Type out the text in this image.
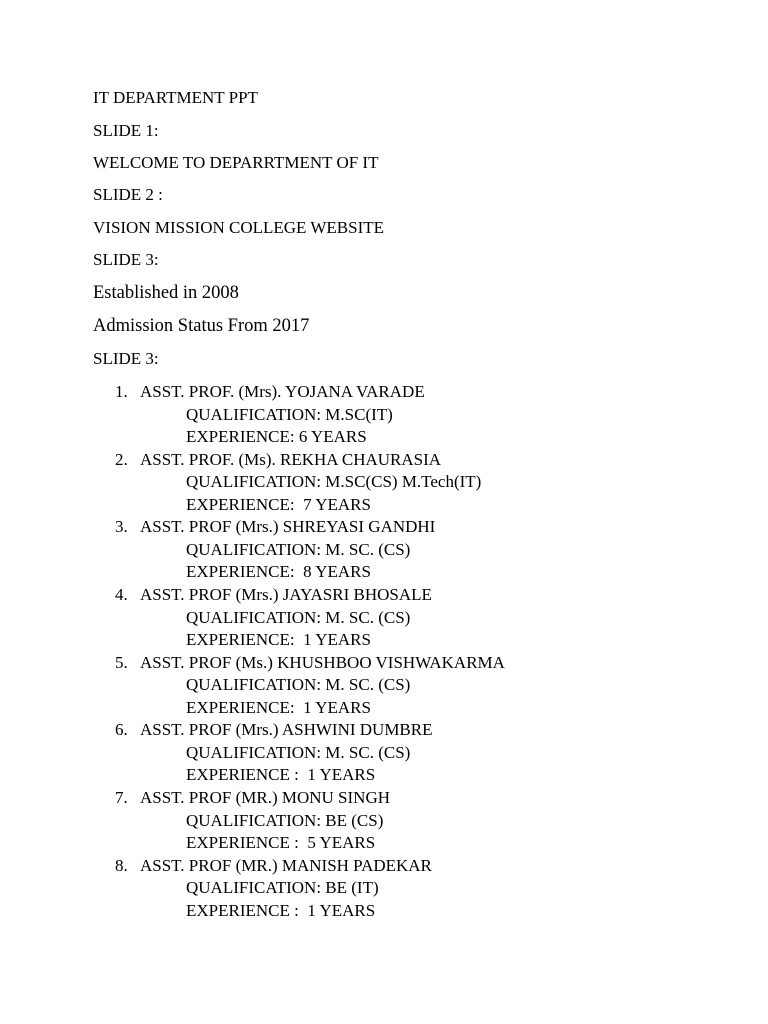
IT DEPARTMENT PPT

SLIDE 1:

WELCOME TO DEPARRTMENT OF IT

SLIDE 2 :

VISION MISSION COLLEGE WEBSITE

SLIDE 3:

Established in 2008

Admission Status From 2017

SLIDE 3:

1. ASST. PROF. (Mrs). YOJANA VARADE
QUALIFICATION: M.SC(IT)
EXPERIENCE: 6 YEARS
2. ASST. PROF. (Ms). REKHA CHAURASIA
QUALIFICATION: M.SC(CS) M.Tech(IT)
EXPERIENCE:  7 YEARS
3. ASST. PROF (Mrs.) SHREYASI GANDHI
QUALIFICATION: M. SC. (CS)
EXPERIENCE:  8 YEARS
4. ASST. PROF (Mrs.) JAYASRI BHOSALE
QUALIFICATION: M. SC. (CS)
EXPERIENCE:  1 YEARS
5. ASST. PROF (Ms.) KHUSHBOO VISHWAKARMA
QUALIFICATION: M. SC. (CS)
EXPERIENCE:  1 YEARS
6. ASST. PROF (Mrs.) ASHWINI DUMBRE
QUALIFICATION: M. SC. (CS)
EXPERIENCE :  1 YEARS
7. ASST. PROF (MR.) MONU SINGH
QUALIFICATION: BE (CS)
EXPERIENCE :  5 YEARS
8. ASST. PROF (MR.) MANISH PADEKAR
QUALIFICATION: BE (IT)
EXPERIENCE :  1 YEARS
